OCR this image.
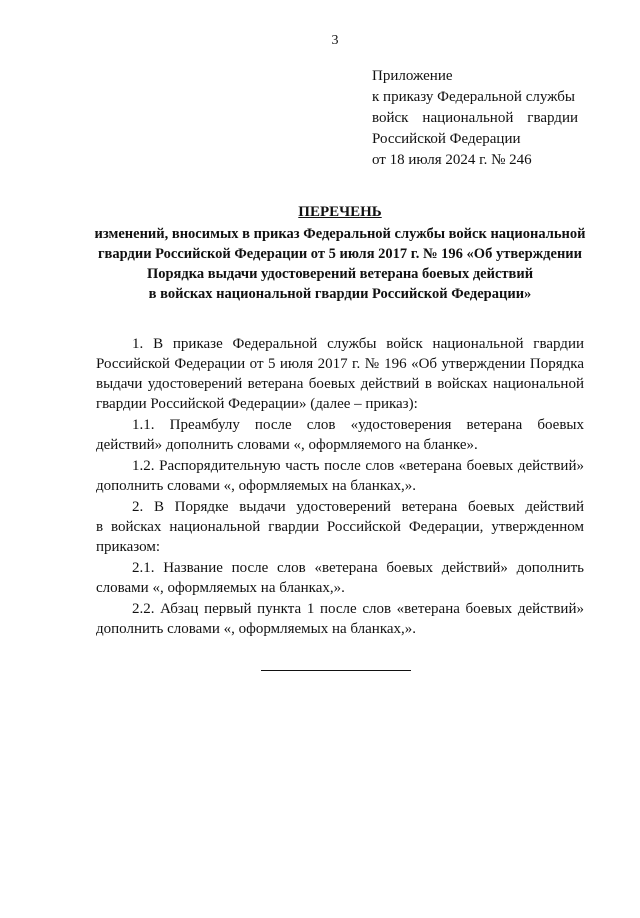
3
Приложение
к приказу Федеральной службы
войск национальной гвардии
Российской Федерации
от 18 июля 2024 г. № 246
ПЕРЕЧЕНЬ
изменений, вносимых в приказ Федеральной службы войск национальной
гвардии Российской Федерации от 5 июля 2017 г. № 196 «Об утверждении
Порядка выдачи удостоверений ветерана боевых действий
в войсках национальной гвардии Российской Федерации»
1. В приказе Федеральной службы войск национальной гвардии
Российской Федерации от 5 июля 2017 г. № 196 «Об утверждении Порядка
выдачи удостоверений ветерана боевых действий в войсках национальной
гвардии Российской Федерации» (далее – приказ):
1.1. Преамбулу после слов «удостоверения ветерана боевых
действий» дополнить словами «, оформляемого на бланке».
1.2. Распорядительную часть после слов «ветерана боевых действий»
дополнить словами «, оформляемых на бланках,».
2. В Порядке выдачи удостоверений ветерана боевых действий
в войсках национальной гвардии Российской Федерации, утвержденном
приказом:
2.1. Название после слов «ветерана боевых действий» дополнить
словами «, оформляемых на бланках,».
2.2. Абзац первый пункта 1 после слов «ветерана боевых действий»
дополнить словами «, оформляемых на бланках,».
